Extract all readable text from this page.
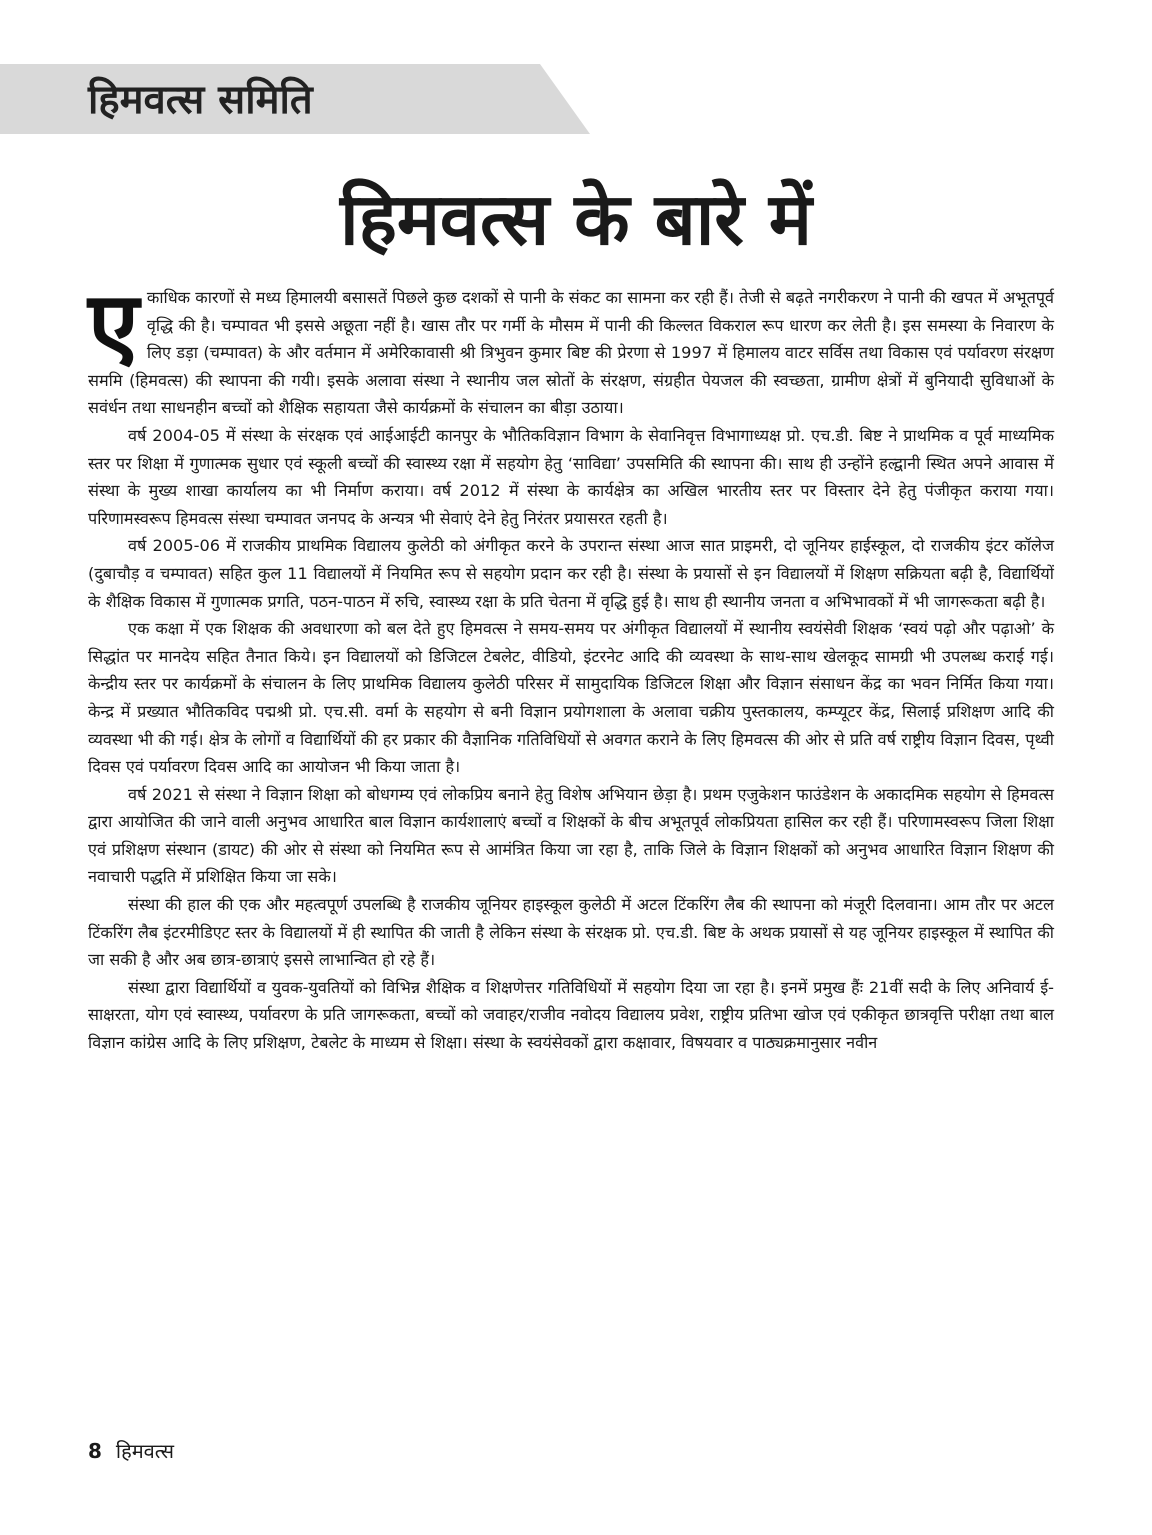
हिमवत्स समिति
हिमवत्स के बारे में

एकाधिक कारणों से मध्य हिमालयी बसासतें पिछले कुछ दशकों से पानी के संकट का सामना कर रही हैं। तेजी से बढ़ते नगरीकरण ने पानी की खपत में अभूतपूर्व वृद्धि की है। चम्पावत भी इससे अछूता नहीं है। खास तौर पर गर्मी के मौसम में पानी की किल्लत विकराल रूप धारण कर लेती है। इस समस्या के निवारण के लिए डड़ा (चम्पावत) के और वर्तमान में अमेरिकावासी श्री त्रिभुवन कुमार बिष्ट की प्रेरणा से 1997 में हिमालय वाटर सर्विस तथा विकास एवं पर्यावरण संरक्षण सममि (हिमवत्स) की स्थापना की गयी। इसके अलावा संस्था ने स्थानीय जल स्रोतों के संरक्षण, संग्रहीत पेयजल की स्वच्छता, ग्रामीण क्षेत्रों में बुनियादी सुविधाओं के सवंर्धन तथा साधनहीन बच्चों को शैक्षिक सहायता जैसे कार्यक्रमों के संचालन का बीड़ा उठाया।

वर्ष 2004-05 में संस्था के संरक्षक एवं आईआईटी कानपुर के भौतिकविज्ञान विभाग के सेवानिवृत्त विभागाध्यक्ष प्रो. एच.डी. बिष्ट ने प्राथमिक व पूर्व माध्यमिक स्तर पर शिक्षा में गुणात्मक सुधार एवं स्कूली बच्चों की स्वास्थ्य रक्षा में सहयोग हेतु ‘साविद्या’ उपसमिति की स्थापना की। साथ ही उन्होंने हल्द्वानी स्थित अपने आवास में संस्था के मुख्य शाखा कार्यालय का भी निर्माण कराया। वर्ष 2012 में संस्था के कार्यक्षेत्र का अखिल भारतीय स्तर पर विस्तार देने हेतु पंजीकृत कराया गया। परिणामस्वरूप हिमवत्स संस्था चम्पावत जनपद के अन्यत्र भी सेवाएं देने हेतु निरंतर प्रयासरत रहती है।

वर्ष 2005-06 में राजकीय प्राथमिक विद्यालय कुलेठी को अंगीकृत करने के उपरान्त संस्था आज सात प्राइमरी, दो जूनियर हाईस्कूल, दो राजकीय इंटर कॉलेज (दुबाचौड़ व चम्पावत) सहित कुल 11 विद्यालयों में नियमित रूप से सहयोग प्रदान कर रही है। संस्था के प्रयासों से इन विद्यालयों में शिक्षण सक्रियता बढ़ी है, विद्यार्थियों के शैक्षिक विकास में गुणात्मक प्रगति, पठन-पाठन में रुचि, स्वास्थ्य रक्षा के प्रति चेतना में वृद्धि हुई है। साथ ही स्थानीय जनता व अभिभावकों में भी जागरूकता बढ़ी है।

एक कक्षा में एक शिक्षक की अवधारणा को बल देते हुए हिमवत्स ने समय-समय पर अंगीकृत विद्यालयों में स्थानीय स्वयंसेवी शिक्षक ‘स्वयं पढ़ो और पढ़ाओ’ के सिद्धांत पर मानदेय सहित तैनात किये। इन विद्यालयों को डिजिटल टेबलेट, वीडियो, इंटरनेट आदि की व्यवस्था के साथ-साथ खेलकूद सामग्री भी उपलब्ध कराई गई। केन्द्रीय स्तर पर कार्यक्रमों के संचालन के लिए प्राथमिक विद्यालय कुलेठी परिसर में सामुदायिक डिजिटल शिक्षा और विज्ञान संसाधन केंद्र का भवन निर्मित किया गया। केन्द्र में प्रख्यात भौतिकविद पद्मश्री प्रो. एच.सी. वर्मा के सहयोग से बनी विज्ञान प्रयोगशाला के अलावा चक्रीय पुस्तकालय, कम्प्यूटर केंद्र, सिलाई प्रशिक्षण आदि की व्यवस्था भी की गई। क्षेत्र के लोगों व विद्यार्थियों की हर प्रकार की वैज्ञानिक गतिविधियों से अवगत कराने के लिए हिमवत्स की ओर से प्रति वर्ष राष्ट्रीय विज्ञान दिवस, पृथ्वी दिवस एवं पर्यावरण दिवस आदि का आयोजन भी किया जाता है।

वर्ष 2021 से संस्था ने विज्ञान शिक्षा को बोधगम्य एवं लोकप्रिय बनाने हेतु विशेष अभियान छेड़ा है। प्रथम एजुकेशन फाउंडेशन के अकादमिक सहयोग से हिमवत्स द्वारा आयोजित की जाने वाली अनुभव आधारित बाल विज्ञान कार्यशालाएं बच्चों व शिक्षकों के बीच अभूतपूर्व लोकप्रियता हासिल कर रही हैं। परिणामस्वरूप जिला शिक्षा एवं प्रशिक्षण संस्थान (डायट) की ओर से संस्था को नियमित रूप से आमंत्रित किया जा रहा है, ताकि जिले के विज्ञान शिक्षकों को अनुभव आधारित विज्ञान शिक्षण की नवाचारी पद्धति में प्रशिक्षित किया जा सके।

संस्था की हाल की एक और महत्वपूर्ण उपलब्धि है राजकीय जूनियर हाइस्कूल कुलेठी में अटल टिंकरिंग लैब की स्थापना को मंजूरी दिलवाना। आम तौर पर अटल टिंकरिंग लैब इंटरमीडिएट स्तर के विद्यालयों में ही स्थापित की जाती है लेकिन संस्था के संरक्षक प्रो. एच.डी. बिष्ट के अथक प्रयासों से यह जूनियर हाइस्कूल में स्थापित की जा सकी है और अब छात्र-छात्राएं इससे लाभान्वित हो रहे हैं।

संस्था द्वारा विद्यार्थियों व युवक-युवतियों को विभिन्न शैक्षिक व शिक्षणेत्तर गतिविधियों में सहयोग दिया जा रहा है। इनमें प्रमुख हैंः 21वीं सदी के लिए अनिवार्य ई-साक्षरता, योग एवं स्वास्थ्य, पर्यावरण के प्रति जागरूकता, बच्चों को जवाहर/राजीव नवोदय विद्यालय प्रवेश, राष्ट्रीय प्रतिभा खोज एवं एकीकृत छात्रवृत्ति परीक्षा तथा बाल विज्ञान कांग्रेस आदि के लिए प्रशिक्षण, टेबलेट के माध्यम से शिक्षा। संस्था के स्वयंसेवकों द्वारा कक्षावार, विषयवार व पाठ्यक्रमानुसार नवीन

8 हिमवत्स
